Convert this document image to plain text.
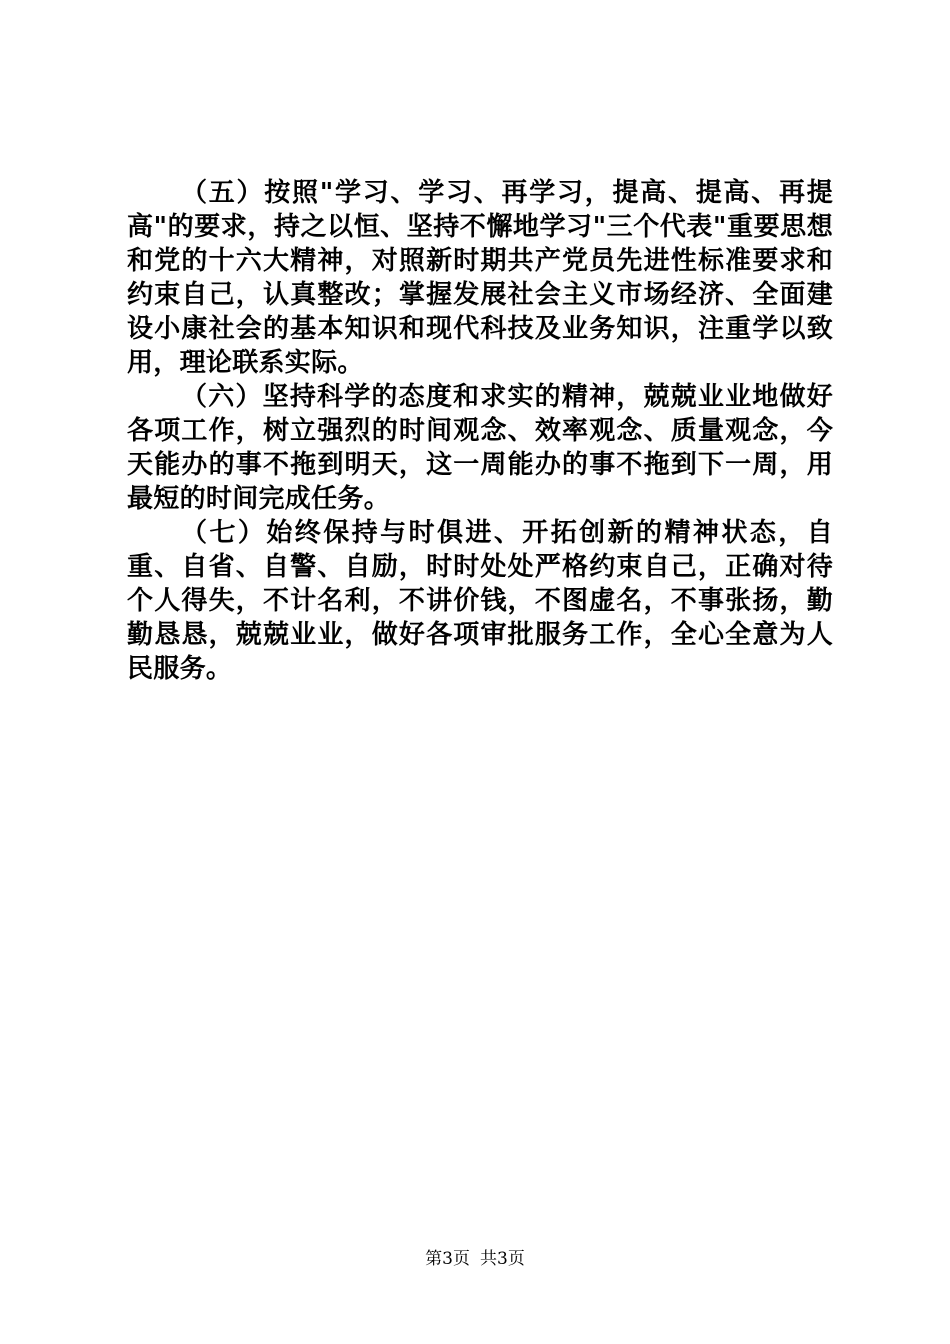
（五）按照"学习、学习、再学习，提高、提高、再提高"的要求，持之以恒、坚持不懈地学习"三个代表"重要思想和党的十六大精神，对照新时期共产党员先进性标准要求和约束自己，认真整改；掌握发展社会主义市场经济、全面建设小康社会的基本知识和现代科技及业务知识，注重学以致用，理论联系实际。

（六）坚持科学的态度和求实的精神，兢兢业业地做好各项工作，树立强烈的时间观念、效率观念、质量观念，今天能办的事不拖到明天，这一周能办的事不拖到下一周，用最短的时间完成任务。

（七）始终保持与时俱进、开拓创新的精神状态，自重、自省、自警、自励，时时处处严格约束自己，正确对待个人得失，不计名利，不讲价钱，不图虚名，不事张扬，勤勤恳恳，兢兢业业，做好各项审批服务工作，全心全意为人民服务。

第3页 共3页
